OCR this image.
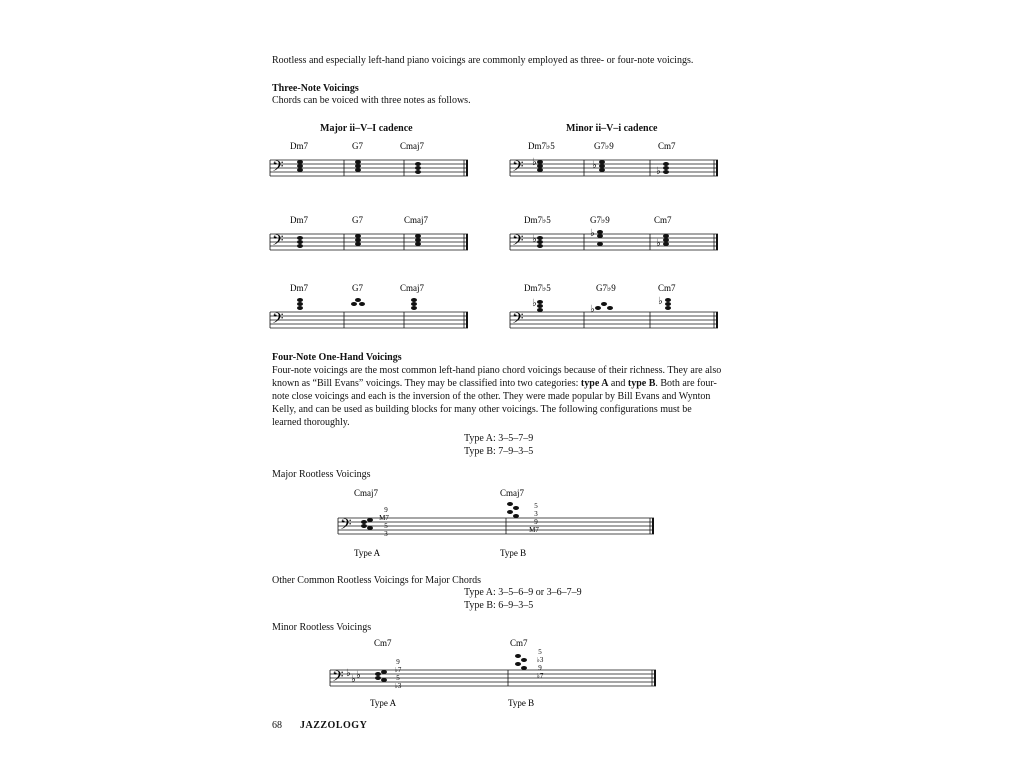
Rootless and especially left-hand piano voicings are commonly employed as three- or four-note voicings.
Three-Note Voicings
Chords can be voiced with three notes as follows.
Major ii–V–I cadence	Minor ii–V–i cadence
Dm7	G7	Cmaj7
𝄢
Dm7	G7	Cmaj7
𝄢
Dm7	G7	Cmaj7
𝄢
Dm7♭5	G7♭9	Cm7
𝄢 ♭	♭
♭
Dm7♭5	G7♭9	Cm7
𝄢 ♭
♭
♭
Dm7♭5	G7♭9	Cm7
𝄢
♭
♭
♭
Four-Note One-Hand Voicings
Four-note voicings are the most common left-hand piano chord voicings because of their richness. They are also known as “Bill Evans” voicings. They may be classified into two categories: type A and type B. Both are four-note close voicings and each is the inversion of the other. They were made popular by Bill Evans and Wynton Kelly, and can be used as building blocks for many other voicings. The following configurations must be learned thoroughly.
Type A: 3–5–7–9
Type B: 7–9–3–5
Major Rootless Voicings
Cmaj7	Cmaj7
𝄢
9
M7
5
3
5
3
9
M7
Type A	Type B
Other Common Rootless Voicings for Major Chords
Type A: 3–5–6–9 or 3–6–7–9
Type B: 6–9–3–5
Minor Rootless Voicings
Cm7	Cm7
𝄢 ♭
♭ ♭
9
♭7
5
♭3
5
♭3
9
♭7
Type A	Type B
68 JAZZOLOGY
